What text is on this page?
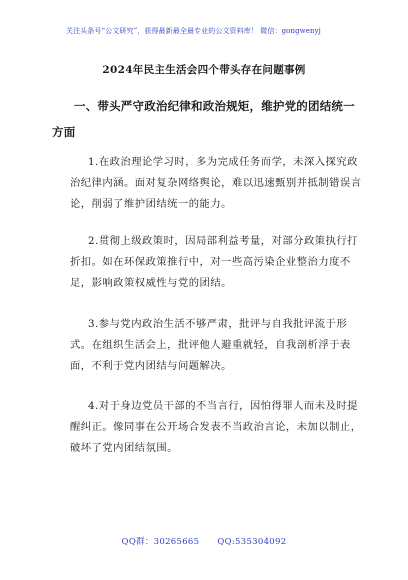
关注头条号“公文研究”，获得最新最全最专业的公文资料库！ 微信：gongwenyj
2024年民主生活会四个带头存在问题事例
一、带头严守政治纪律和政治规矩，维护党的团结统一方面
1.在政治理论学习时，多为完成任务而学，未深入探究政治纪律内涵。面对复杂网络舆论，难以迅速甄别并抵制错误言论，削弱了维护团结统一的能力。
2.贯彻上级政策时，因局部利益考量，对部分政策执行打折扣。如在环保政策推行中，对一些高污染企业整治力度不足，影响政策权威性与党的团结。
3.参与党内政治生活不够严肃，批评与自我批评流于形式。在组织生活会上，批评他人避重就轻，自我剖析浮于表面，不利于党内团结与问题解决。
4.对于身边党员干部的不当言行，因怕得罪人而未及时提醒纠正。像同事在公开场合发表不当政治言论，未加以制止，破坏了党内团结氛围。
QQ群：30265665 QQ:535304092
